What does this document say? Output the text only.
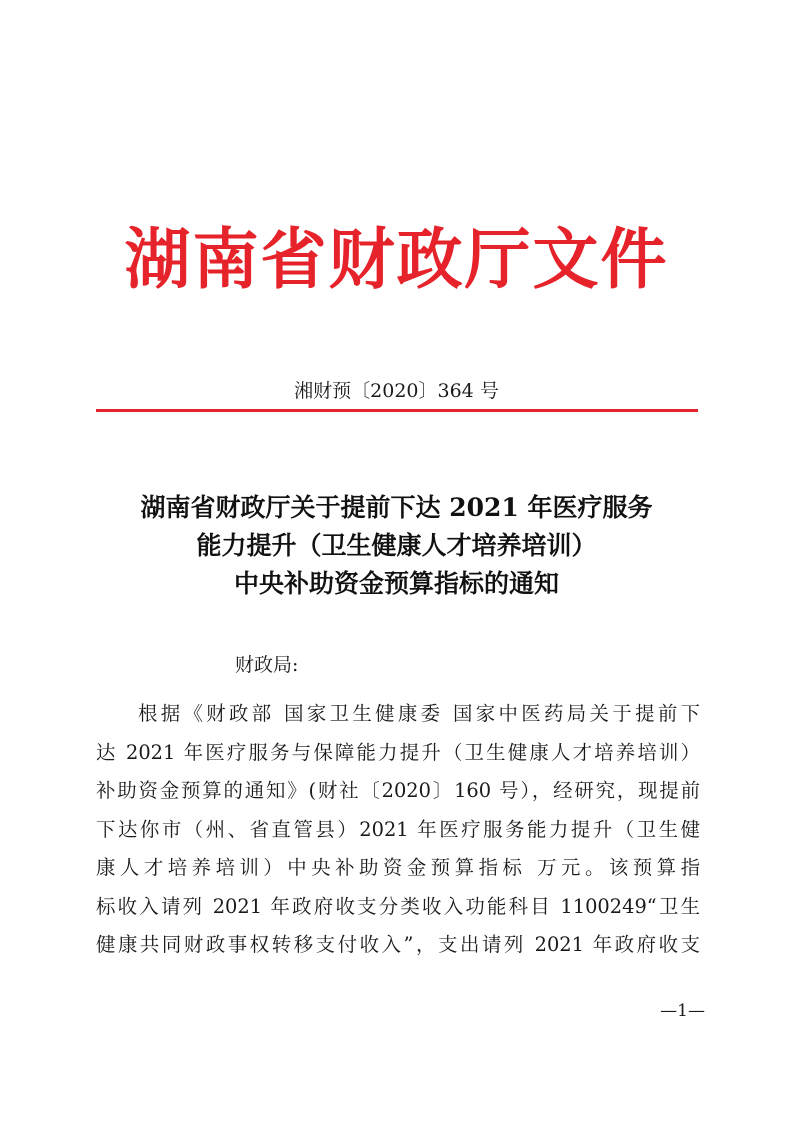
湖南省财政厅文件
湘财预〔2020〕364 号
湖南省财政厅关于提前下达 2021 年医疗服务
能力提升（卫生健康人才培养培训）
中央补助资金预算指标的通知
财政局:
根据《财政部 国家卫生健康委 国家中医药局关于提前下
达 2021 年医疗服务与保障能力提升（卫生健康人才培养培训）
补助资金预算的通知》(财社〔2020〕160 号），经研究，现提前
下达你市（州、省直管县）2021 年医疗服务能力提升（卫生健
康人才培养培训）中央补助资金预算指标 万元。该预算指
标收入请列 2021 年政府收支分类收入功能科目 1100249“卫生
健康共同财政事权转移支付收入”，支出请列 2021 年政府收支
—1—
